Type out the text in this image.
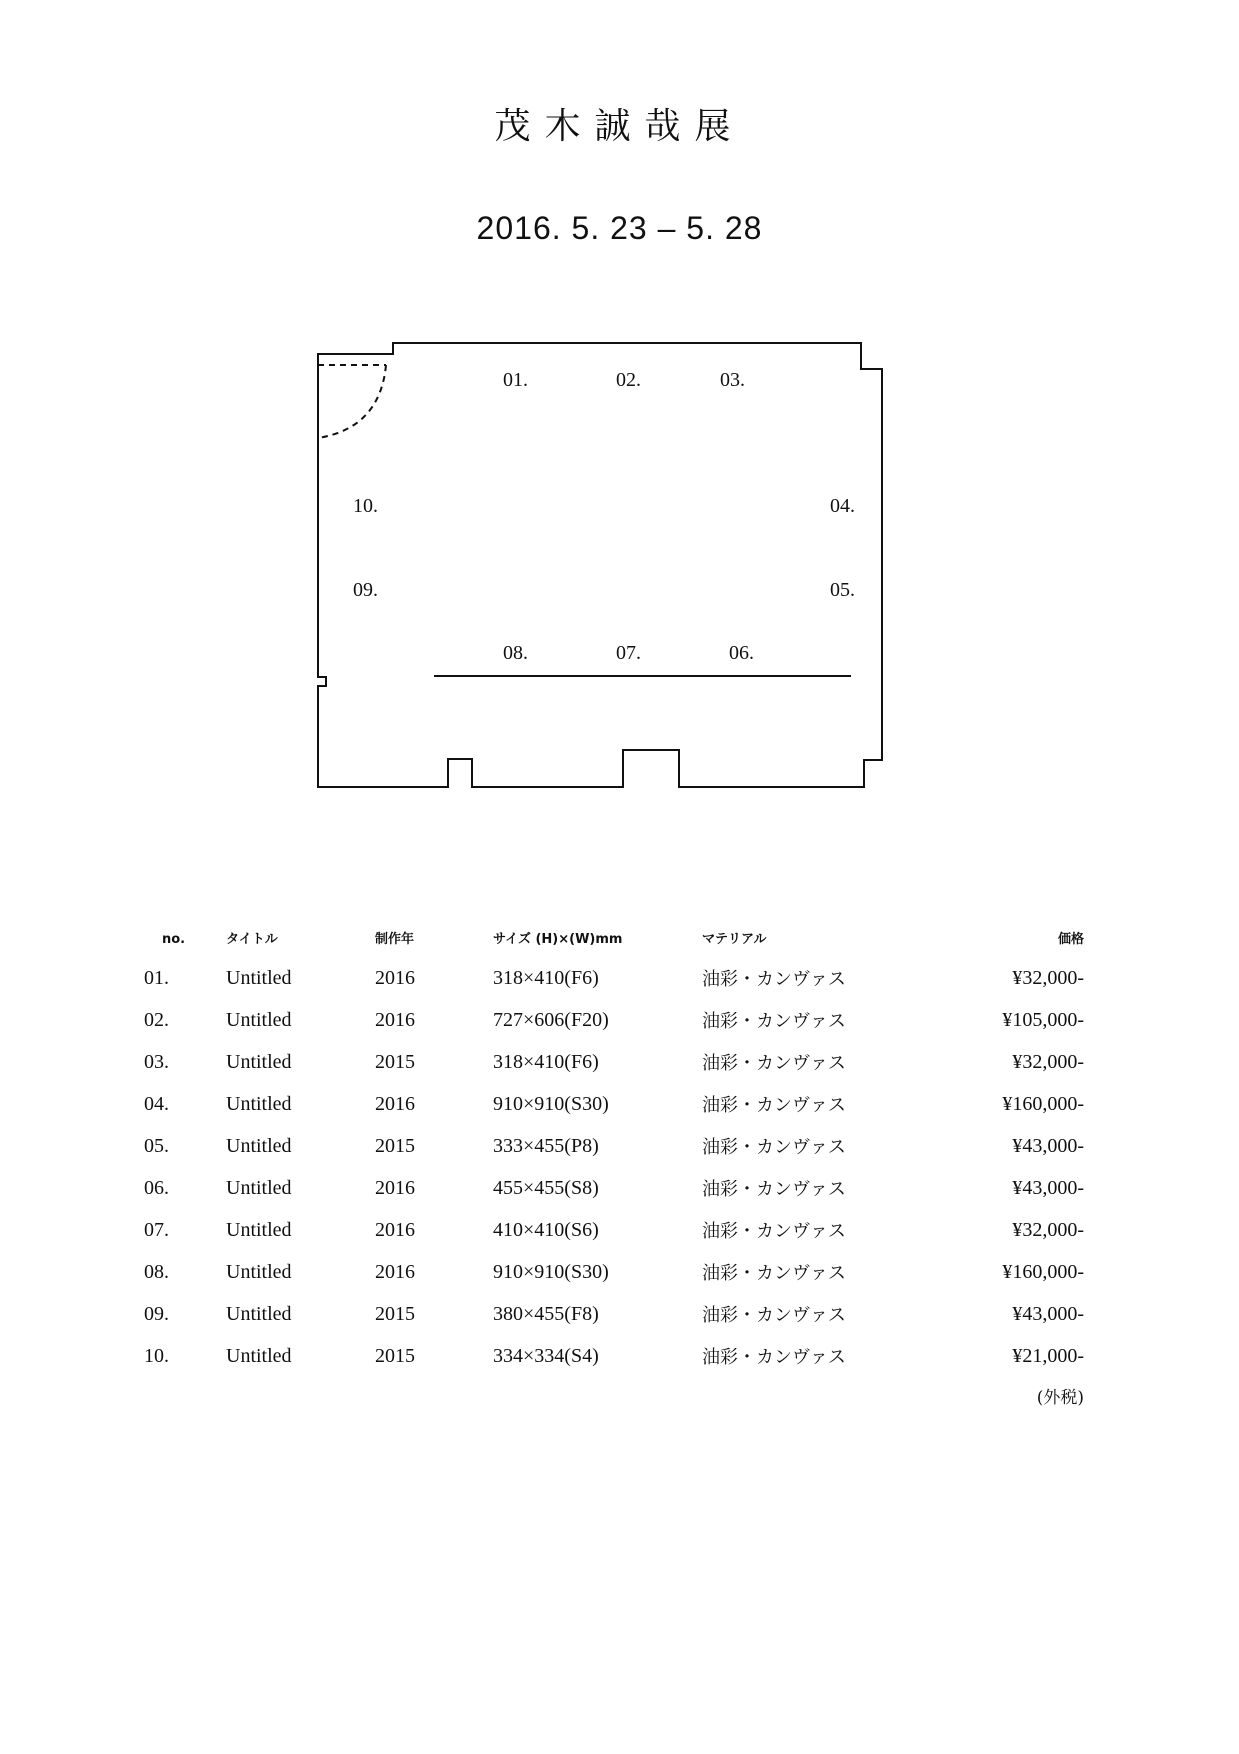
茂木誠哉展
2016. 5. 23 – 5. 28
01.	02.	03.
04.
05.
06.
07.
08.
09.
10.
no.	タイトル	制作年	サイズ (H)×(W)mm	マテリアル	価格
01.	Untitled	2016	318×410(F6)	油彩・カンヴァス	¥32,000-
02.	Untitled	2016	727×606(F20)	油彩・カンヴァス	¥105,000-
03.	Untitled	2015	318×410(F6)	油彩・カンヴァス	¥32,000-
04.	Untitled	2016	910×910(S30)	油彩・カンヴァス	¥160,000-
05.	Untitled	2015	333×455(P8)	油彩・カンヴァス	¥43,000-
06.	Untitled	2016	455×455(S8)	油彩・カンヴァス	¥43,000-
07.	Untitled	2016	410×410(S6)	油彩・カンヴァス	¥32,000-
08.	Untitled	2016	910×910(S30)	油彩・カンヴァス	¥160,000-
09.	Untitled	2015	380×455(F8)	油彩・カンヴァス	¥43,000-
10.	Untitled	2015	334×334(S4)	油彩・カンヴァス	¥21,000-
(外税)
